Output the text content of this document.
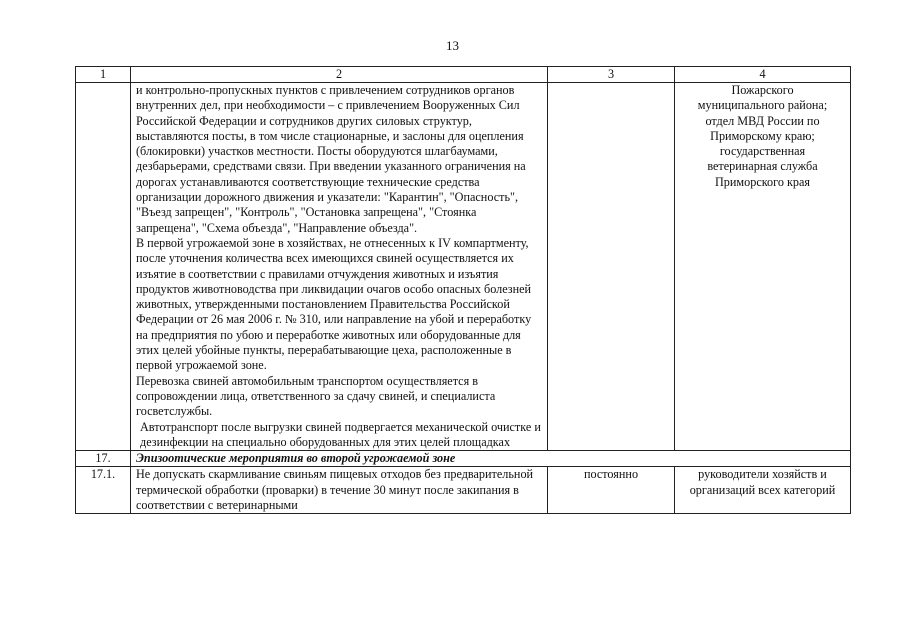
13
1	2	3	4

	и контрольно-пропускных пунктов с привлечением сотрудников органов внутренних дел, при необходимости – с привлечением Вооруженных Сил Российской Федерации и сотрудников других силовых структур, выставляются посты, в том числе стационарные, и заслоны для оцепления (блокировки) участков местности. Посты оборудуются шлагбаумами, дезбарьерами, средствами связи. При введении указанного ограничения на дорогах устанавливаются соответствующие технические средства организации дорожного движения и указатели: "Карантин", "Опасность", "Въезд запрещен", "Контроль", "Остановка запрещена", "Стоянка запрещена", "Схема объезда", "Направление объезда".
В первой угрожаемой зоне в хозяйствах, не отнесенных к IV компартменту, после уточнения количества всех имеющихся свиней осуществляется их изъятие в соответствии с правилами отчуждения животных и изъятия продуктов животноводства при ликвидации очагов особо опасных болезней животных, утвержденными постановлением Правительства Российской Федерации от 26 мая 2006 г. № 310, или направление на убой и переработку на предприятия по убою и переработке животных или оборудованные для этих целей убойные пункты, перерабатывающие цеха, расположенные в первой угрожаемой зоне.
Перевозка свиней автомобильным транспортом осуществляется в сопровождении лица, ответственного за сдачу свиней, и специалиста госветслужбы.
Автотранспорт после выгрузки свиней подвергается механической очистке и дезинфекции на специально оборудованных для этих целей площадках		Пожарского муниципального района; отдел МВД России по Приморскому краю; государственная ветеринарная служба Приморского края
17.	Эпизоотические мероприятия во второй угрожаемой зоне		
17.1.	Не допускать скармливание свиньям пищевых отходов без предварительной термической обработки (проварки) в течение 30 минут после закипания в соответствии с ветеринарными	постоянно	руководители хозяйств и организаций всех категорий
